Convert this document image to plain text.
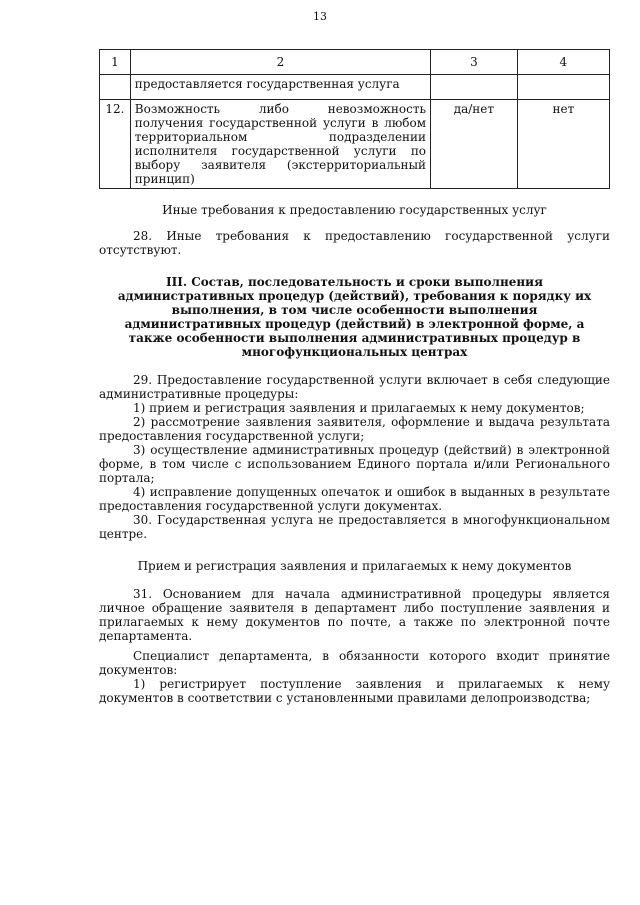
13
1	2	3	4
	предоставляется государственная услуга		
12.	Возможность либо невозможность получения государственной услуги в любом территориальном подразделении исполнителя государственной услуги по выбору заявителя (экстерриториальный принцип)	да/нет	нет

Иные требования к предоставлению государственных услуг

28. Иные требования к предоставлению государственной услуги отсутствуют.

III. Состав, последовательность и сроки выполнения административных процедур (действий), требования к порядку их выполнения, в том числе особенности выполнения административных процедур (действий) в электронной форме, а также особенности выполнения административных процедур в многофункциональных центрах

29. Предоставление государственной услуги включает в себя следующие административные процедуры:

1) прием и регистрация заявления и прилагаемых к нему документов;

2) рассмотрение заявления заявителя, оформление и выдача результата предоставления государственной услуги;

3) осуществление административных процедур (действий) в электронной форме, в том числе с использованием Единого портала и/или Регионального портала;

4) исправление допущенных опечаток и ошибок в выданных в результате предоставления государственной услуги документах.

30. Государственная услуга не предоставляется в многофункциональном центре.

Прием и регистрация заявления и прилагаемых к нему документов

31. Основанием для начала административной процедуры является личное обращение заявителя в департамент либо поступление заявления и прилагаемых к нему документов по почте, а также по электронной почте департамента.

Специалист департамента, в обязанности которого входит принятие документов:

1) регистрирует поступление заявления и прилагаемых к нему документов в соответствии с установленными правилами делопроизводства;
